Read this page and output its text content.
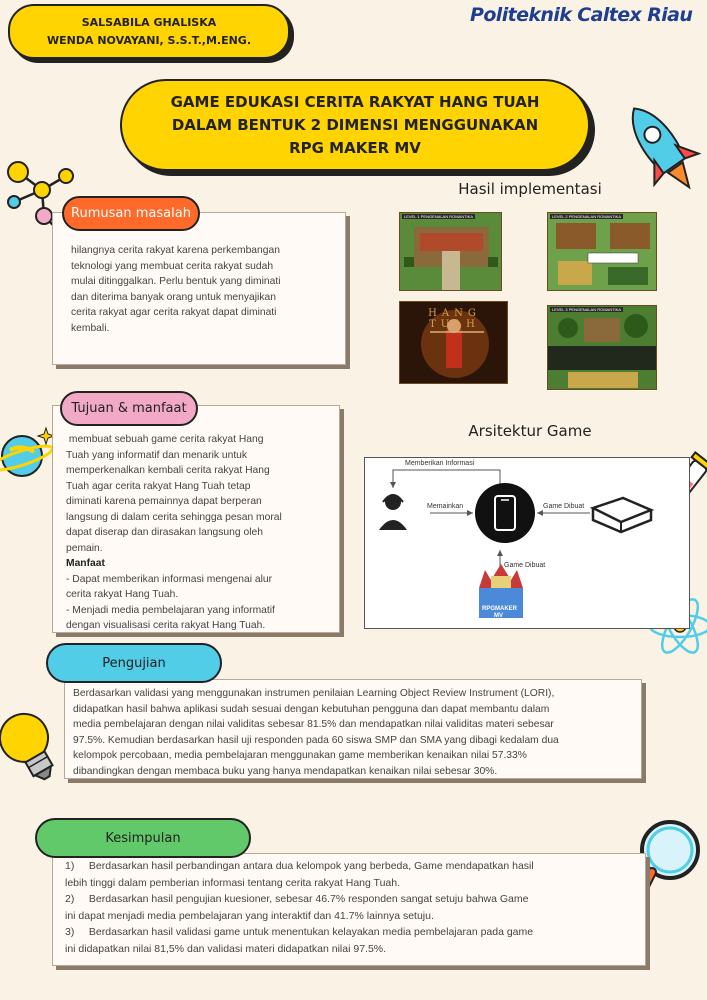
SALSABILA GHALISKA
WENDA NOVAYANI, S.S.T.,M.ENG.
Politeknik Caltex Riau
GAME EDUKASI CERITA RAKYAT HANG TUAH
DALAM BENTUK 2 DIMENSI MENGGUNAKAN
RPG MAKER MV
hilangnya cerita rakyat karena perkembangan
teknologi yang membuat cerita rakyat sudah
mulai ditinggalkan. Perlu bentuk yang diminati
dan diterima banyak orang untuk menyajikan
cerita rakyat agar cerita rakyat dapat diminati
kembali.
Rumusan masalah
membuat sebuah game cerita rakyat Hang
Tuah yang informatif dan menarik untuk
memperkenalkan kembali cerita rakyat Hang
Tuah agar cerita rakyat Hang Tuah tetap
diminati karena pemainnya dapat berperan
langsung di dalam cerita sehingga pesan moral
dapat diserap dan dirasakan langsung oleh
pemain.
Manfaat
- Dapat memberikan informasi mengenai alur
cerita rakyat Hang Tuah.
- Menjadi media pembelajaran yang informatif
dengan visualisasi cerita rakyat Hang Tuah.
Tujuan & manfaat
Hasil implementasi
LEVEL 1 PENGENALAN ROMANTIKA	LEVEL 2 PENGENALAN ROMANTIKA
HANG TUAH
LEVEL 3 PENGENALAN ROMANTIKA
Arsitektur Game
Memberikan Informasi
Memainkan	Game Dibuat
Game Dibuat
RPGMAKER
MV
Berdasarkan validasi yang menggunakan instrumen penilaian Learning Object Review Instrument (LORI),
didapatkan hasil bahwa aplikasi sudah sesuai dengan kebutuhan pengguna dan dapat membantu dalam
media pembelajaran dengan nilai validitas sebesar 81.5% dan mendapatkan nilai validitas materi sebesar
97.5%. Kemudian berdasarkan hasil uji responden pada 60 siswa SMP dan SMA yang dibagi kedalam dua
kelompok percobaan, media pembelajaran menggunakan game memberikan kenaikan nilai 57.33%
dibandingkan dengan membaca buku yang hanya mendapatkan kenaikan nilai sebesar 30%.
Pengujian
1)     Berdasarkan hasil perbandingan antara dua kelompok yang berbeda, Game mendapatkan hasil
lebih tinggi dalam pemberian informasi tentang cerita rakyat Hang Tuah.
2)     Berdasarkan hasil pengujian kuesioner, sebesar 46.7% responden sangat setuju bahwa Game
ini dapat menjadi media pembelajaran yang interaktif dan 41.7% lainnya setuju.
3)     Berdasarkan hasil validasi game untuk menentukan kelayakan media pembelajaran pada game
ini didapatkan nilai 81,5% dan validasi materi didapatkan nilai 97.5%.
Kesimpulan
